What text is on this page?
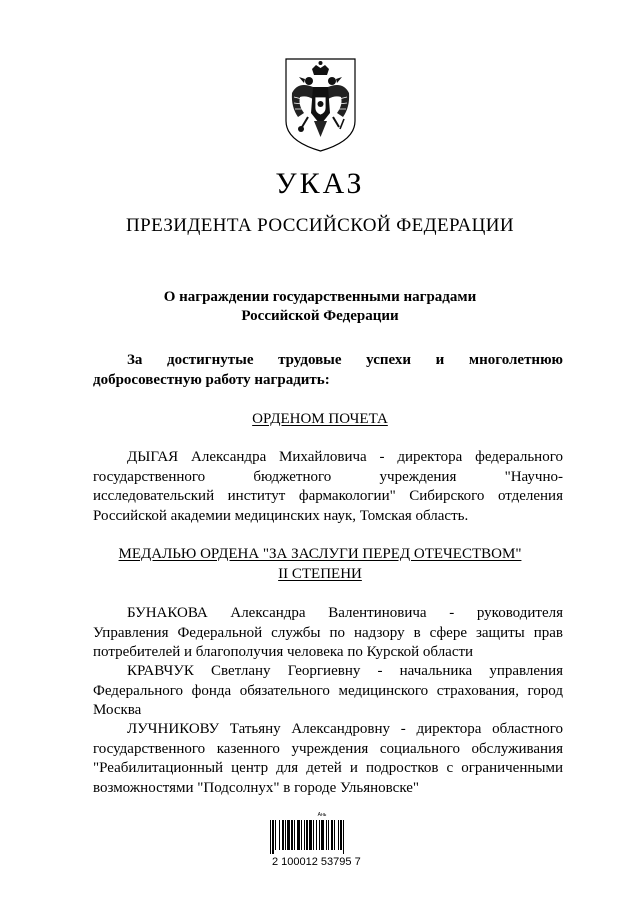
УКАЗ
ПРЕЗИДЕНТА РОССИЙСКОЙ ФЕДЕРАЦИИ
О награждении государственными наградами
Российской Федерации
За достигнутые трудовые успехи и многолетнюю
добросовестную работу наградить:
ОРДЕНОМ ПОЧЕТА
ДЫГАЯ Александра Михайловича - директора федерального
государственного бюджетного учреждения "Научно-
исследовательский институт фармакологии" Сибирского отделения
Российской академии медицинских наук, Томская область.
МЕДАЛЬЮ ОРДЕНА "ЗА ЗАСЛУГИ ПЕРЕД ОТЕЧЕСТВОМ"
II СТЕПЕНИ
БУНАКОВА Александра Валентиновича - руководителя
Управления Федеральной службы по надзору в сфере защиты прав
потребителей и благополучия человека по Курской области
КРАВЧУК Светлану Георгиевну - начальника управления
Федерального фонда обязательного медицинского страхования, город
Москва
ЛУЧНИКОВУ Татьяну Александровну - директора областного
государственного казенного учреждения социального обслуживания
"Реабилитационный центр для детей и подростков с ограниченными
возможностями "Подсолнух" в городе Ульяновске"
Ань
2 100012 53795 7
